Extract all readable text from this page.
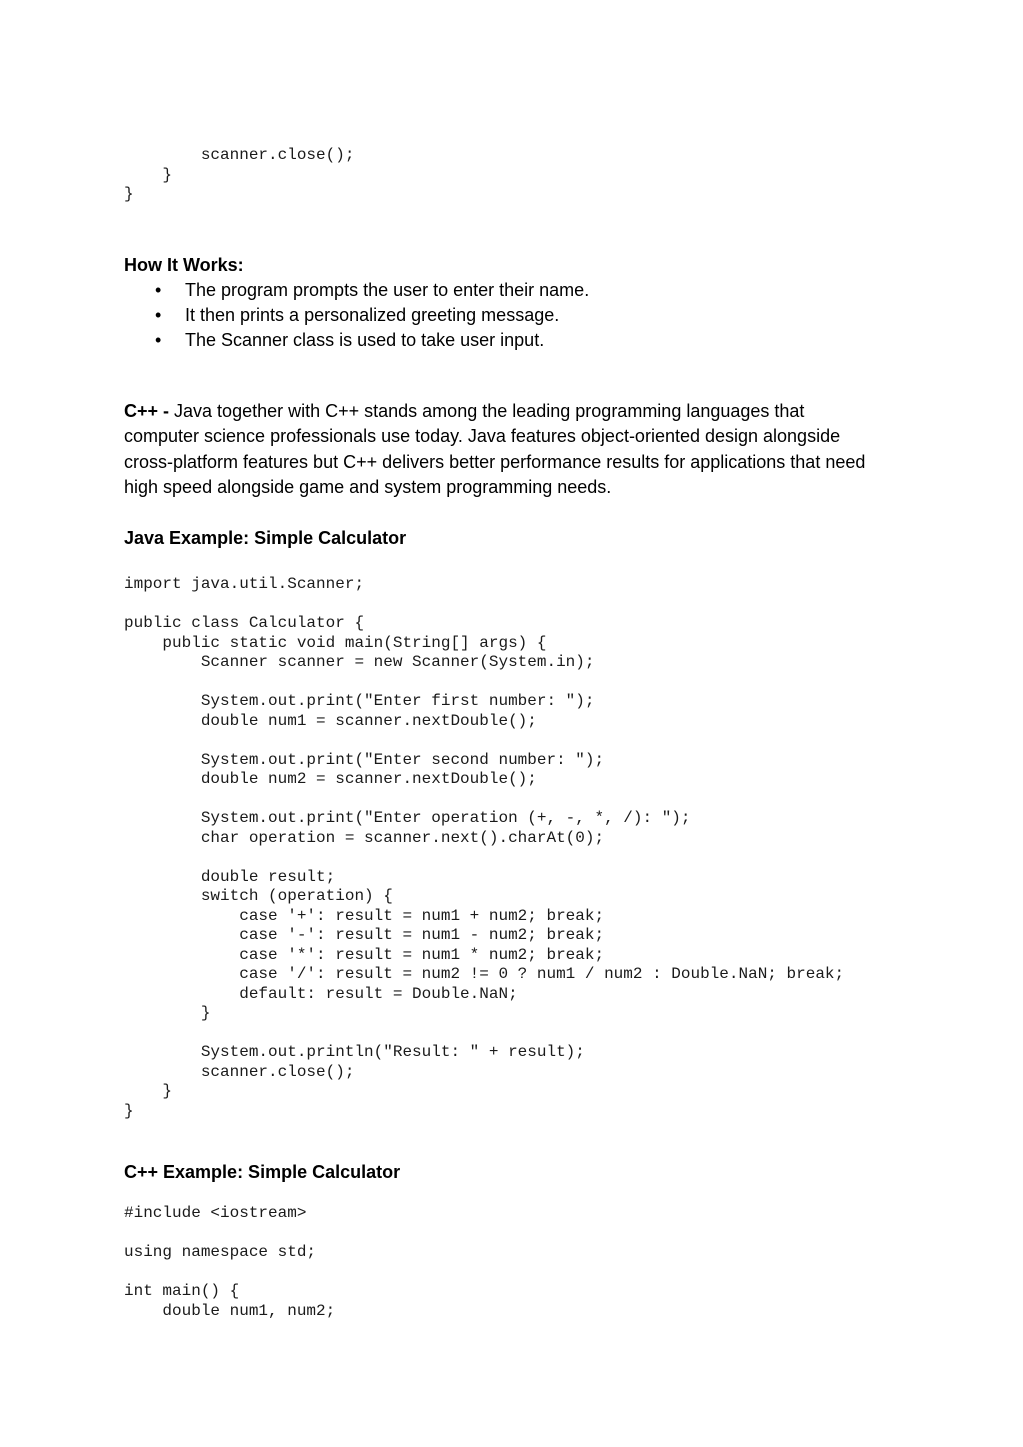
scanner.close();
}
}
How It Works:
• The program prompts the user to enter their name.
• It then prints a personalized greeting message.
• The Scanner class is used to take user input.

C++ - Java together with C++ stands among the leading programming languages that computer science professionals use today. Java features object-oriented design alongside cross-platform features but C++ delivers better performance results for applications that need high speed alongside game and system programming needs.

Java Example: Simple Calculator
import java.util.Scanner;
public class Calculator {
public static void main(String[] args) {
Scanner scanner = new Scanner(System.in);
System.out.print("Enter first number: ");
double num1 = scanner.nextDouble();
System.out.print("Enter second number: ");
double num2 = scanner.nextDouble();
System.out.print("Enter operation (+, -, *, /): ");
char operation = scanner.next().charAt(0);
double result;
switch (operation) {
case '+': result = num1 + num2; break;
case '-': result = num1 - num2; break;
case '*': result = num1 * num2; break;
case '/': result = num2 != 0 ? num1 / num2 : Double.NaN; break;
default: result = Double.NaN;
}
System.out.println("Result: " + result);
scanner.close();
}
}
C++ Example: Simple Calculator
#include <iostream>
using namespace std;
int main() {
double num1, num2;
